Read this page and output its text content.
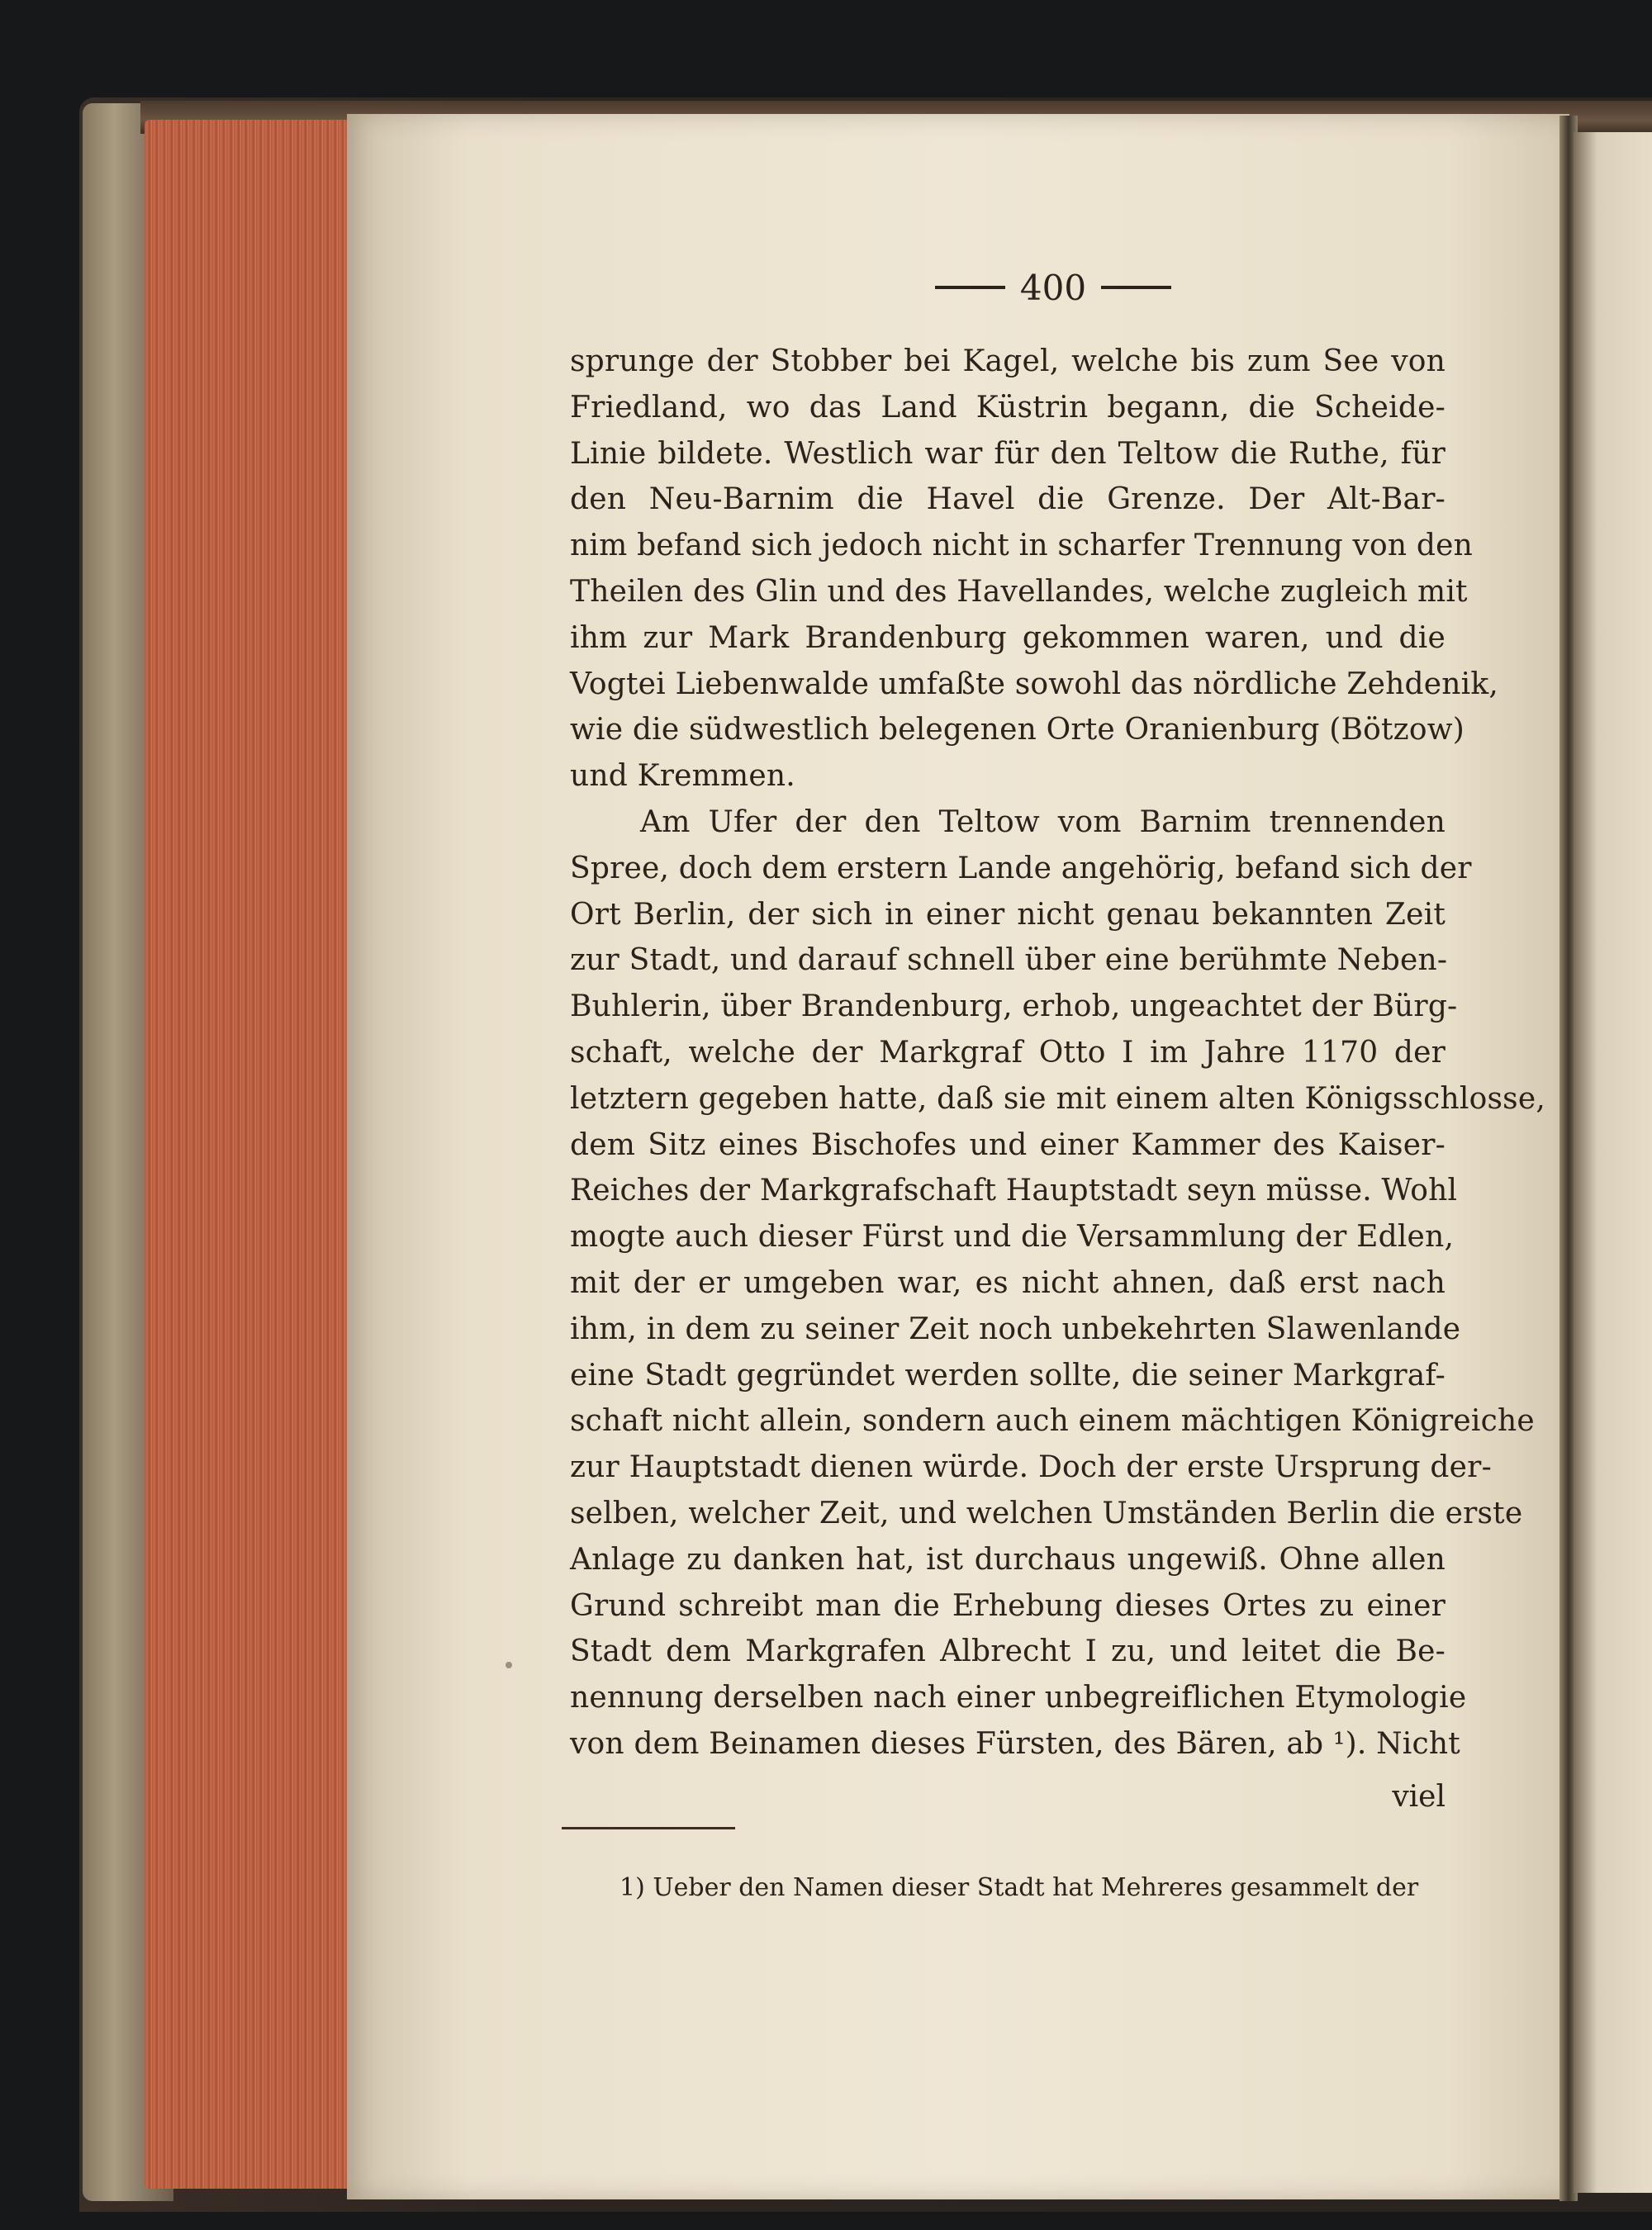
400
sprunge der Stobber bei Kagel, welche bis zum See von
Friedland, wo das Land Küstrin begann, die Scheide-
Linie bildete. Westlich war für den Teltow die Ruthe, für
den Neu-Barnim die Havel die Grenze. Der Alt-Bar-
nim befand sich jedoch nicht in scharfer Trennung von den
Theilen des Glin und des Havellandes, welche zugleich mit
ihm zur Mark Brandenburg gekommen waren, und die
Vogtei Liebenwalde umfaßte sowohl das nördliche Zehdenik,
wie die südwestlich belegenen Orte Oranienburg (Bötzow)
und Kremmen.
Am Ufer der den Teltow vom Barnim trennenden
Spree, doch dem erstern Lande angehörig, befand sich der
Ort Berlin, der sich in einer nicht genau bekannten Zeit
zur Stadt, und darauf schnell über eine berühmte Neben-
Buhlerin, über Brandenburg, erhob, ungeachtet der Bürg-
schaft, welche der Markgraf Otto I im Jahre 1170 der
letztern gegeben hatte, daß sie mit einem alten Königsschlosse,
dem Sitz eines Bischofes und einer Kammer des Kaiser-
Reiches der Markgrafschaft Hauptstadt seyn müsse. Wohl
mogte auch dieser Fürst und die Versammlung der Edlen,
mit der er umgeben war, es nicht ahnen, daß erst nach
ihm, in dem zu seiner Zeit noch unbekehrten Slawenlande
eine Stadt gegründet werden sollte, die seiner Markgraf-
schaft nicht allein, sondern auch einem mächtigen Königreiche
zur Hauptstadt dienen würde. Doch der erste Ursprung der-
selben, welcher Zeit, und welchen Umständen Berlin die erste
Anlage zu danken hat, ist durchaus ungewiß. Ohne allen
Grund schreibt man die Erhebung dieses Ortes zu einer
Stadt dem Markgrafen Albrecht I zu, und leitet die Be-
nennung derselben nach einer unbegreiflichen Etymologie
von dem Beinamen dieses Fürsten, des Bären, ab ¹). Nicht
viel
1) Ueber den Namen dieser Stadt hat Mehreres gesammelt der
